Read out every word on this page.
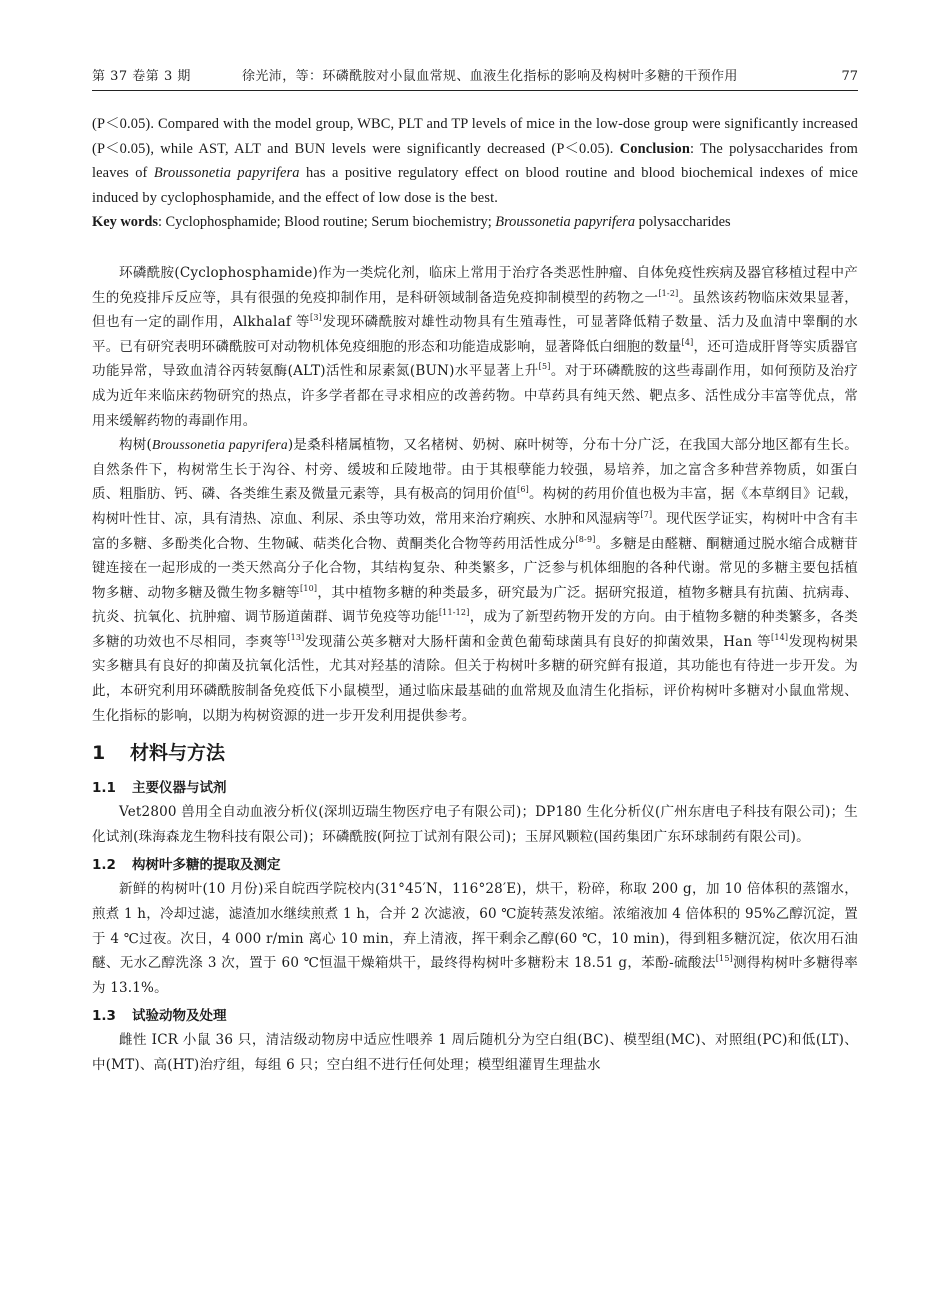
第 37 卷第 3 期	徐光沛，等：环磷酰胺对小鼠血常规、血液生化指标的影响及构树叶多糖的干预作用	77

(P＜0.05). Compared with the model group, WBC, PLT and TP levels of mice in the low-dose group were significantly increased (P＜0.05), while AST, ALT and BUN levels were significantly decreased (P＜0.05). Conclusion: The polysaccharides from leaves of Broussonetia papyrifera has a positive regulatory effect on blood routine and blood biochemical indexes of mice induced by cyclophosphamide, and the effect of low dose is the best.

Key words: Cyclophosphamide; Blood routine; Serum biochemistry; Broussonetia papyrifera polysaccharides

环磷酰胺(Cyclophosphamide)作为一类烷化剂，临床上常用于治疗各类恶性肿瘤、自体免疫性疾病及器官移植过程中产生的免疫排斥反应等，具有很强的免疫抑制作用，是科研领域制备造免疫抑制模型的药物之一[1-2]。虽然该药物临床效果显著，但也有一定的副作用，Alkhalaf 等[3]发现环磷酰胺对雄性动物具有生殖毒性，可显著降低精子数量、活力及血清中睾酮的水平。已有研究表明环磷酰胺可对动物机体免疫细胞的形态和功能造成影响，显著降低白细胞的数量[4]，还可造成肝肾等实质器官功能异常，导致血清谷丙转氨酶(ALT)活性和尿素氮(BUN)水平显著上升[5]。对于环磷酰胺的这些毒副作用，如何预防及治疗成为近年来临床药物研究的热点，许多学者都在寻求相应的改善药物。中草药具有纯天然、靶点多、活性成分丰富等优点，常用来缓解药物的毒副作用。

构树(Broussonetia papyrifera)是桑科楮属植物，又名楮树、奶树、麻叶树等，分布十分广泛，在我国大部分地区都有生长。自然条件下，构树常生长于沟谷、村旁、缓坡和丘陵地带。由于其根孽能力较强，易培养，加之富含多种营养物质，如蛋白质、粗脂肪、钙、磷、各类维生素及微量元素等，具有极高的饲用价值[6]。构树的药用价值也极为丰富，据《本草纲目》记载，构树叶性甘、凉，具有清热、凉血、利尿、杀虫等功效，常用来治疗痢疾、水肿和风湿病等[7]。现代医学证实，构树叶中含有丰富的多糖、多酚类化合物、生物碱、萜类化合物、黄酮类化合物等药用活性成分[8-9]。多糖是由醛糖、酮糖通过脱水缩合成糖苷键连接在一起形成的一类天然高分子化合物，其结构复杂、种类繁多，广泛参与机体细胞的各种代谢。常见的多糖主要包括植物多糖、动物多糖及微生物多糖等[10]，其中植物多糖的种类最多，研究最为广泛。据研究报道，植物多糖具有抗菌、抗病毒、抗炎、抗氧化、抗肿瘤、调节肠道菌群、调节免疫等功能[11-12]，成为了新型药物开发的方向。由于植物多糖的种类繁多，各类多糖的功效也不尽相同，李爽等[13]发现蒲公英多糖对大肠杆菌和金黄色葡萄球菌具有良好的抑菌效果，Han 等[14]发现构树果实多糖具有良好的抑菌及抗氧化活性，尤其对羟基的清除。但关于构树叶多糖的研究鲜有报道，其功能也有待进一步开发。为此，本研究利用环磷酰胺制备免疫低下小鼠模型，通过临床最基础的血常规及血清生化指标，评价构树叶多糖对小鼠血常规、生化指标的影响，以期为构树资源的进一步开发利用提供参考。

1 材料与方法
1.1 主要仪器与试剂

Vet2800 兽用全自动血液分析仪(深圳迈瑞生物医疗电子有限公司)；DP180 生化分析仪(广州东唐电子科技有限公司)；生化试剂(珠海森龙生物科技有限公司)；环磷酰胺(阿拉丁试剂有限公司)；玉屏风颗粒(国药集团广东环球制药有限公司)。

1.2 构树叶多糖的提取及测定

新鲜的构树叶(10 月份)采自皖西学院校内(31°45′N，116°28′E)，烘干，粉碎，称取 200 g，加 10 倍体积的蒸馏水，煎煮 1 h，冷却过滤，滤渣加水继续煎煮 1 h，合并 2 次滤液，60 ℃旋转蒸发浓缩。浓缩液加 4 倍体积的 95%乙醇沉淀，置于 4 ℃过夜。次日，4 000 r/min 离心 10 min，弃上清液，挥干剩余乙醇(60 ℃，10 min)，得到粗多糖沉淀，依次用石油醚、无水乙醇洗涤 3 次，置于 60 ℃恒温干燥箱烘干，最终得构树叶多糖粉末 18.51 g，苯酚-硫酸法[15]测得构树叶多糖得率为 13.1%。

1.3 试验动物及处理

雌性 ICR 小鼠 36 只，清洁级动物房中适应性喂养 1 周后随机分为空白组(BC)、模型组(MC)、对照组(PC)和低(LT)、中(MT)、高(HT)治疗组，每组 6 只；空白组不进行任何处理；模型组灌胃生理盐水
